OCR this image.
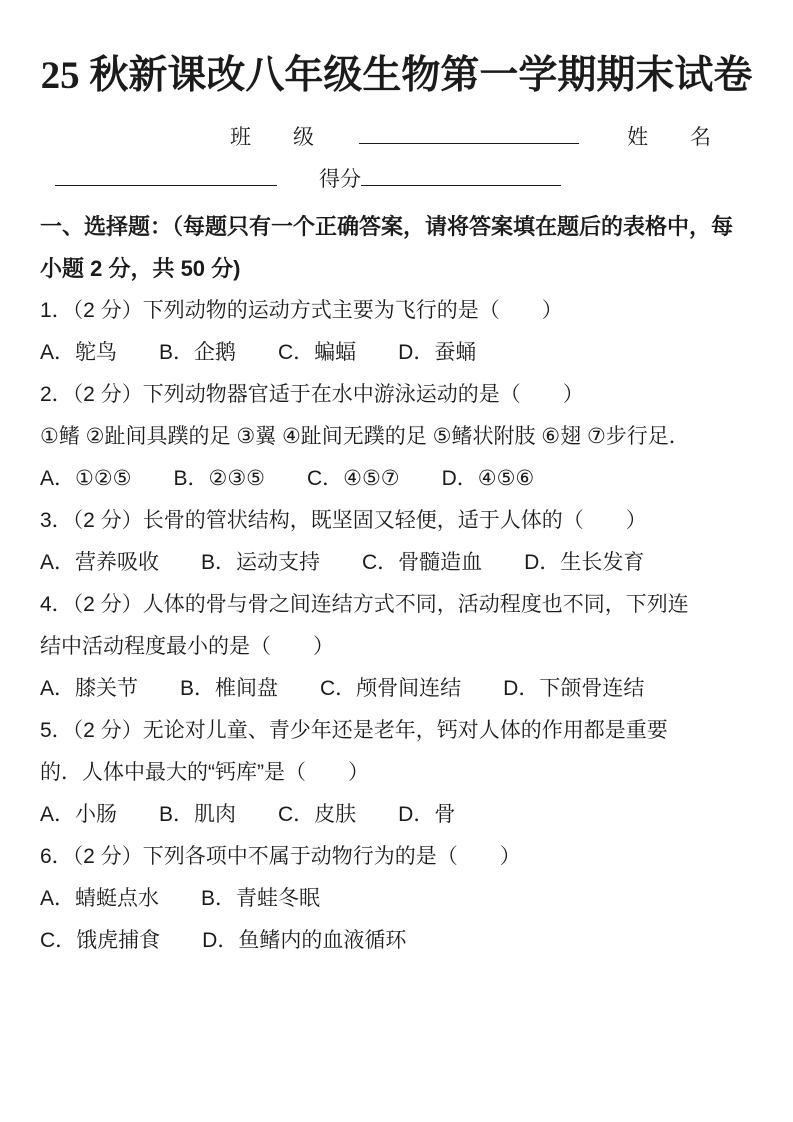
25 秋新课改八年级生物第一学期期末试卷
班　　级	姓　　名
得分
一、选择题：（每题只有一个正确答案，请将答案填在题后的表格中，每
小题 2 分，共 50 分)
1．（2 分）下列动物的运动方式主要为飞行的是（　　）
A．鸵鸟　　B．企鹅　　C．蝙蝠　　D．蚕蛹
2．（2 分）下列动物器官适于在水中游泳运动的是（　　）
①鳍 ②趾间具蹼的足 ③翼 ④趾间无蹼的足 ⑤鳍状附肢 ⑥翅 ⑦步行足．
A．①②⑤　　B．②③⑤　　C．④⑤⑦　　D．④⑤⑥
3．（2 分）长骨的管状结构，既坚固又轻便，适于人体的（　　）
A．营养吸收　　B．运动支持　　C．骨髓造血　　D．生长发育
4．（2 分）人体的骨与骨之间连结方式不同，活动程度也不同，下列连
结中活动程度最小的是（　　）
A．膝关节　　B．椎间盘　　C．颅骨间连结　　D．下颌骨连结
5．（2 分）无论对儿童、青少年还是老年，钙对人体的作用都是重要
的．人体中最大的“钙库”是（　　）
A．小肠　　B．肌肉　　C．皮肤　　D．骨
6．（2 分）下列各项中不属于动物行为的是（　　）
A．蜻蜓点水　　B．青蛙冬眠
C．饿虎捕食　　D．鱼鳍内的血液循环
